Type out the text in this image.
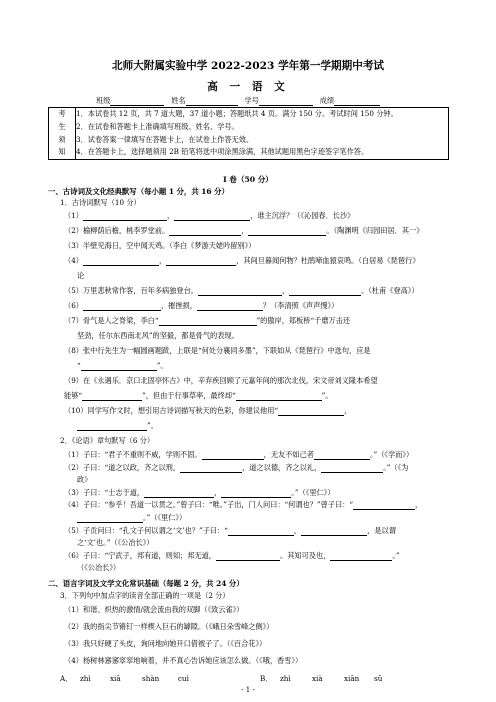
北师大附属实验中学 2022-2023 学年第一学期期中考试
高 一 语 文
班级	姓名	学号	成绩
考
生
须
知

1．本试卷共 12 页，共 7 道大题，37 道小题；答题纸共 4 页。满分 150 分。考试时间 150 分钟。
2．在试卷和答题卡上准确填写班级、姓名、学号。
3．试卷答案一律填写在答题卡上，在试卷上作答无效。
4．在答题卡上，选择题须用 2B 铅笔将选中项涂黑涂满，其他试题用黑色字迹签字笔作答。
I 卷（50 分）
一、古诗词及文化经典默写（每小题 1 分，共 16 分）
1．古诗词默写（10 分）
（1）	，	，谁主沉浮？（《沁园春．长沙》
（2）榆柳荫后檐，桃李罗堂前。	，	。（陶渊明《归园田居．其一》
（3）半壁见海日，空中闻天鸡。（李白《梦游天姥吟留别》）
（4）	，	，其间旦暮闻何物？杜鹃啼血猿哀鸣。（白居易《琵琶行》
论
（5）万里悲秋常作客，百年多病独登台。	，	。（杜甫《登高》）
（6）	，摧挫损，	？（李清照《声声慢》）
（7）骨气是人之脊梁，李白“	”的傲岸，郑板桥“千磨万击还
坚劲，任尔东西南北风”的坚毅，都是骨气的表现。
（8）张中行先生为一幅圆画题跋，上联是“何处分襄同多墨”，下联如从《琵琶行》中选句，应是
“	”。
（9）在《永遇乐．京口北固亭怀古》中，辛弃疾回顾了元嘉年间的那次北伐，宋文帝刘义隆本希望
能够“	”，但由于行事草率，最终却“	”。
（10）同学写作文时，想引用古诗词描写秋天的色彩，你建议他用“	，
”。
2．《论语》章句默写（6 分）
（1）子曰：“君子不重则不威，学则不固。	，无友不如己者	。”（《学而》）
（2）子曰：“道之以政，齐之以刑，	，道之以德，齐之以礼，	。”（《为
政》
（3）子曰：“士志于道，	，	。”（《里仁》）
（4）子曰：“参乎！吾道一以贯之。”曾子曰：“唯。”子出，门人问曰：“何谓也？”曾子曰：“	，
。”（《里仁》）
（5）子贡问曰：“孔文子何以谓之‘文’也？”子曰：“	，	，是以谓
之‘文’也。”（《公冶长》）
（6）子曰：“宁武子，邦有道，则知；邦无道，	。其知可及也，	。”
（《公冶长》）
二、语言字词及文学文化常识基础（每题 2 分，共 24 分）
3．下列句中加点字的读音全部正确的一项是（2 分）
（1）和谐、炽热的激情/就会流由我的双脚（《致云雀》）
（2）我的指尖节锵钉一样楔入巨石的罅隙。（《峨日朵雪峰之侧》）
（3）我只好硬了头皮，询问地向她开口借被子了。（《百合花》）
（4）杨树林窸窸窣窣地响着，并不真心告诉她应该怎么做。（《哦，香雪》）
A． zhì	xiā	shàn	cuì	B． zhì	xià	xiān sū
- 1 -
